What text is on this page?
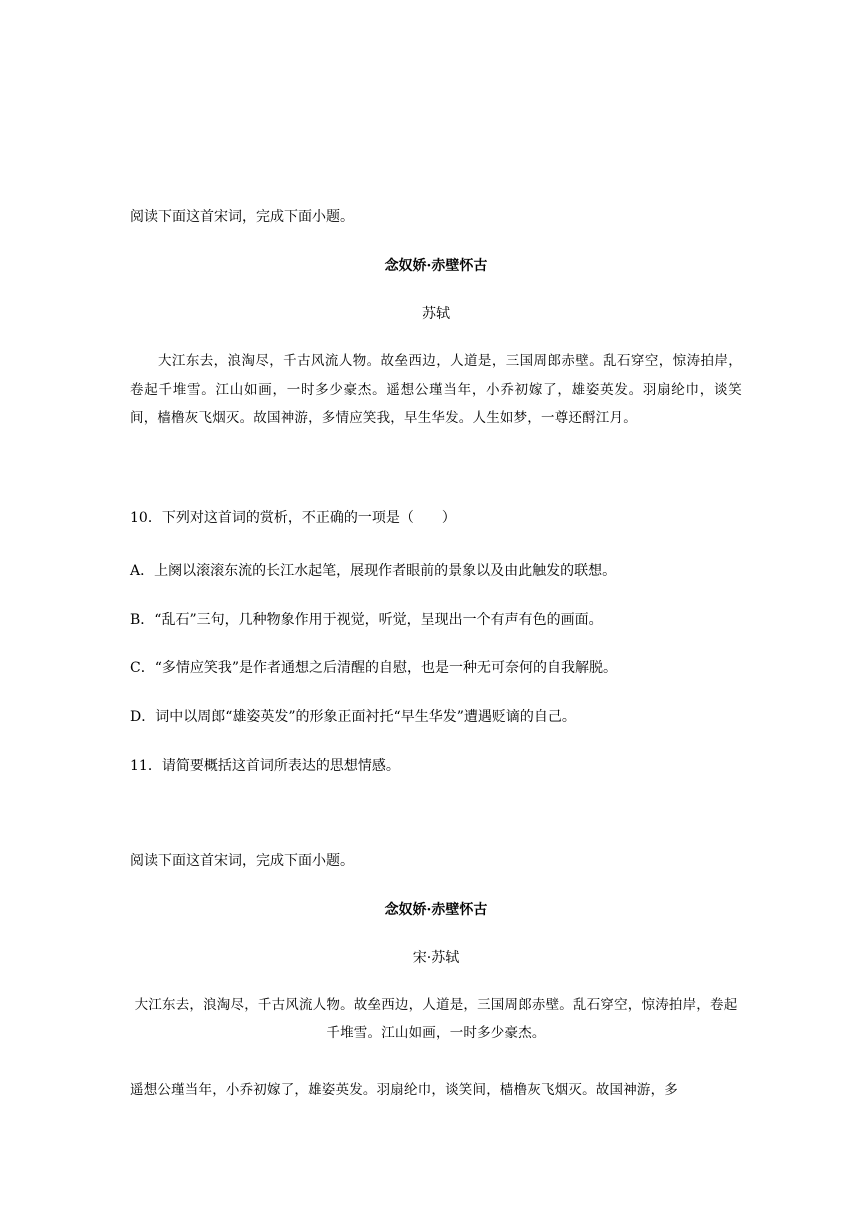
阅读下面这首宋词，完成下面小题。
念奴娇·赤壁怀古
苏轼
大江东去，浪淘尽，千古风流人物。故垒西边，人道是，三国周郎赤壁。乱石穿空，惊涛拍岸，卷起千堆雪。江山如画，一时多少豪杰。遥想公瑾当年，小乔初嫁了，雄姿英发。羽扇纶巾，谈笑间，樯橹灰飞烟灭。故国神游，多情应笑我，早生华发。人生如梦，一尊还酹江月。
10．下列对这首词的赏析，不正确的一项是（　　）
A．上阕以滚滚东流的长江水起笔，展现作者眼前的景象以及由此触发的联想。
B．“乱石”三句，几种物象作用于视觉，听觉，呈现出一个有声有色的画面。
C．“多情应笑我”是作者通想之后清醒的自慰，也是一种无可奈何的自我解脱。
D．词中以周郎“雄姿英发”的形象正面衬托“早生华发”遭遇贬谪的自己。
11．请简要概括这首词所表达的思想情感。
阅读下面这首宋词，完成下面小题。
念奴娇·赤壁怀古
宋·苏轼
大江东去，浪淘尽，千古风流人物。故垒西边，人道是，三国周郎赤壁。乱石穿空，惊涛拍岸，卷起千堆雪。江山如画，一时多少豪杰。
遥想公瑾当年，小乔初嫁了，雄姿英发。羽扇纶巾，谈笑间，樯橹灰飞烟灭。故国神游，多
